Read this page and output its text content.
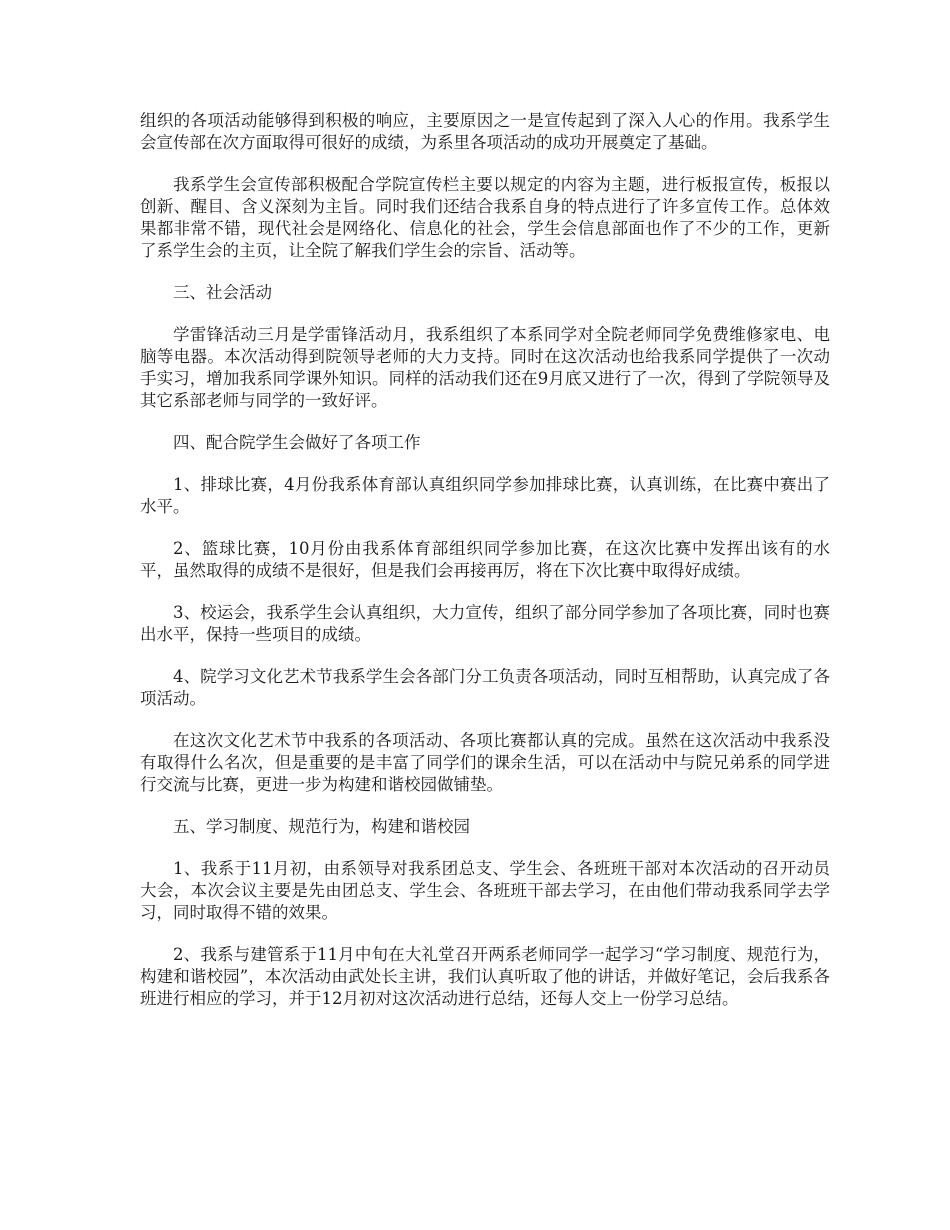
组织的各项活动能够得到积极的响应，主要原因之一是宣传起到了深入人心的作用。我系学生会宣传部在次方面取得可很好的成绩，为系里各项活动的成功开展奠定了基础。

我系学生会宣传部积极配合学院宣传栏主要以规定的内容为主题，进行板报宣传，板报以创新、醒目、含义深刻为主旨。同时我们还结合我系自身的特点进行了许多宣传工作。总体效果都非常不错，现代社会是网络化、信息化的社会，学生会信息部面也作了不少的工作，更新了系学生会的主页，让全院了解我们学生会的宗旨、活动等。

三、社会活动

学雷锋活动三月是学雷锋活动月，我系组织了本系同学对全院老师同学免费维修家电、电脑等电器。本次活动得到院领导老师的大力支持。同时在这次活动也给我系同学提供了一次动手实习，增加我系同学课外知识。同样的活动我们还在9月底又进行了一次，得到了学院领导及其它系部老师与同学的一致好评。

四、配合院学生会做好了各项工作

1、排球比赛，4月份我系体育部认真组织同学参加排球比赛，认真训练，在比赛中赛出了水平。

2、篮球比赛，10月份由我系体育部组织同学参加比赛，在这次比赛中发挥出该有的水平，虽然取得的成绩不是很好，但是我们会再接再厉，将在下次比赛中取得好成绩。

3、校运会，我系学生会认真组织，大力宣传，组织了部分同学参加了各项比赛，同时也赛出水平，保持一些项目的成绩。

4、院学习文化艺术节我系学生会各部门分工负责各项活动，同时互相帮助，认真完成了各项活动。

在这次文化艺术节中我系的各项活动、各项比赛都认真的完成。虽然在这次活动中我系没有取得什么名次，但是重要的是丰富了同学们的课余生活，可以在活动中与院兄弟系的同学进行交流与比赛，更进一步为构建和谐校园做铺垫。

五、学习制度、规范行为，构建和谐校园

1、我系于11月初，由系领导对我系团总支、学生会、各班班干部对本次活动的召开动员大会，本次会议主要是先由团总支、学生会、各班班干部去学习，在由他们带动我系同学去学习，同时取得不错的效果。

2、我系与建管系于11月中旬在大礼堂召开两系老师同学一起学习“学习制度、规范行为，构建和谐校园”，本次活动由武处长主讲，我们认真听取了他的讲话，并做好笔记，会后我系各班进行相应的学习，并于12月初对这次活动进行总结，还每人交上一份学习总结。
